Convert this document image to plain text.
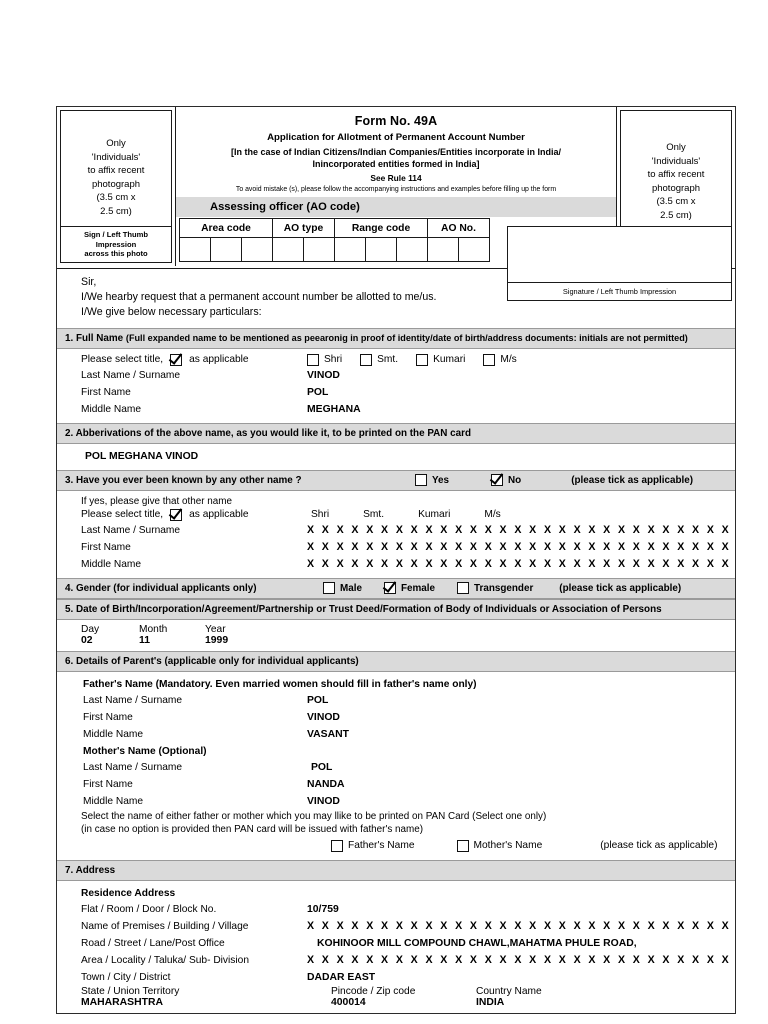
Only
'Individuals'
to affix recent
photograph
(3.5 cm x
2.5 cm)
Sign / Left Thumb Impression
across this photo
Form No. 49A
Application for Allotment of Permanent Account Number
[In the case of Indian Citizens/Indian Companies/Entities incorporate in India/
Inincorporated entities formed in India]
See Rule 114
To avoid mistake (s), please follow the accompanying instructions and examples before filling up the form
Assessing officer (AO code)
Area code			AO type		Range code			AO No.	

Only
'Individuals'
to affix recent
photograph
(3.5 cm x
2.5 cm)
Signature / Left Thumb Impression
Sir,
I/We hearby request that a permanent account number be allotted to me/us.
I/We give below necessary particulars:
1. Full Name (Full expanded name to be mentioned as peearonig in proof of identity/date of birth/address documents: initials are not permitted)
Please select title,	as applicable	Shri	Smt.	Kumari	M/s
Last Name / Surname	VINOD
First Name	POL
Middle Name	MEGHANA
2. Abberivations of the above name, as you would like it, to be printed on the PAN card
POL MEGHANA VINOD
3. Have you ever been known by any other name ?	Yes	No	(please tick as applicable)
If yes, please give that other name
Please select title,	as applicable	Shri	Smt.	Kumari	M/s
Last Name / Surname	X X X X X X X X X X X X X X X X X X X X X X X X X X X X X
First Name	X X X X X X X X X X X X X X X X X X X X X X X X X X X X X
Middle Name	X X X X X X X X X X X X X X X X X X X X X X X X X X X X X
4. Gender (for individual applicants only)	Male	Female	Transgender	(please tick as applicable)
5. Date of Birth/Incorporation/Agreement/Partnership or Trust Deed/Formation of Body of Individuals or Association of Persons
Day	Month	Year
02	11	1999
6. Details of Parent's (applicable only for individual applicants)
Father's Name (Mandatory. Even married women should fill in father's name only)
Last Name / Surname	POL
First Name	VINOD
Middle Name	VASANT
Mother's Name (Optional)
Last Name / Surname	POL
First Name	NANDA
Middle Name	VINOD
Select the name of either father or mother which you may llike to be printed on PAN Card (Select one only)
(in case no option is provided then PAN card will be issued with father's name)
Father's Name	Mother's Name	(please tick as applicable)
7. Address
Residence Address
Flat / Room / Door / Block No.	10/759
Name of Premises / Building / Village	X X X X X X X X X X X X X X X X X X X X X X X X X X X X X
Road / Street / Lane/Post Office	KOHINOOR MILL COMPOUND CHAWL,MAHATMA PHULE ROAD,
Area / Locality / Taluka/ Sub- Division	X X X X X X X X X X X X X X X X X X X X X X X X X X X X X
Town / City / District	DADAR EAST
State / Union Territory	Pincode / Zip code	Country Name
MAHARASHTRA	400014	INDIA
